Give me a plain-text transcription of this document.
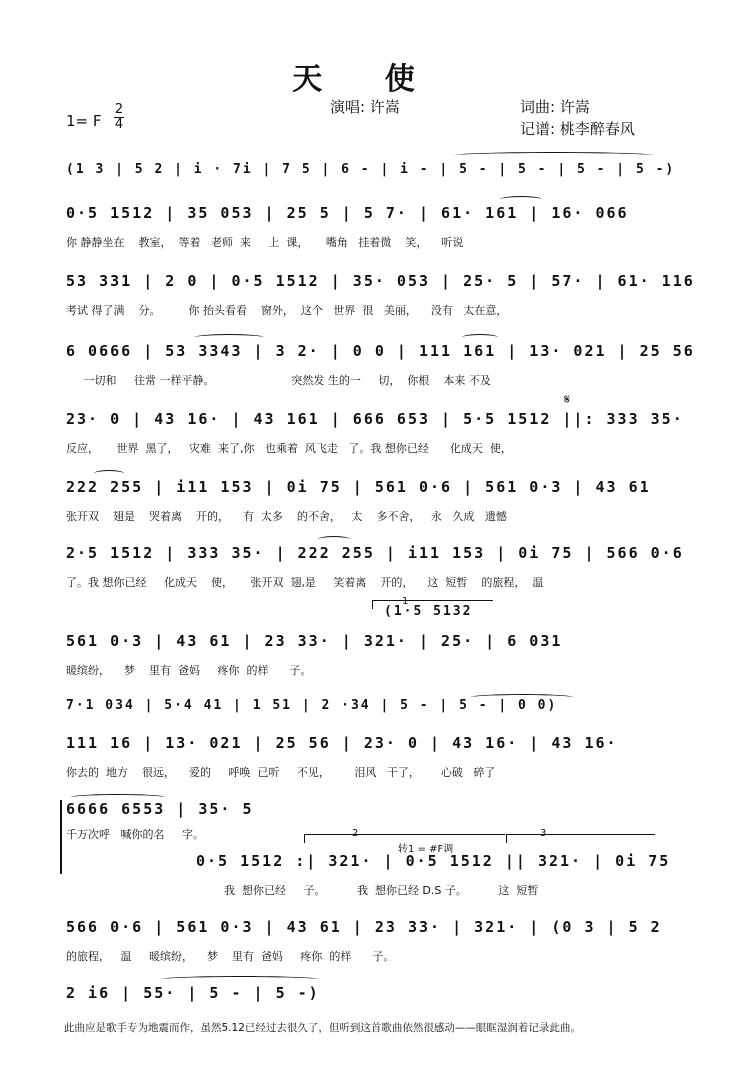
天 使
演唱: 许嵩	词曲: 许嵩
记谱: 桃李醉春风
1= F
2
4
(1 3 | 5 2 | i · 7i | 7 5 | 6 - | i - | 5 - | 5 - | 5 - | 5 -)
0·5 1512 | 35 053 | 25 5 | 5 7· | 61· 161 | 16· 066
你 静静坐在    教室，  等着   老师  来     上  课，     嘴角   挂着微    笑，    听说
53 331 | 2 0 | 0·5 1512 | 35· 053 | 25· 5 | 57· | 61· 116
考试 得了满    分。        你 抬头看看    窗外，  这个   世界  很   美丽，    没有   太在意，
6 0666 | 53 3343 | 3 2· | 0 0 | 111 161 | 13· 021 | 25 56
一切和     往常 一样平静。                      突然发 生的一     切，  你根    本来 不及
23· 0 | 43 16· | 43 161 | 666 653 | 5·5 1512 ||: 333 35·
反应，     世界  黑了，   灾难  来了,你   也乘着  风飞走   了。我 想你已经      化成天  使，
𝄋
222 255 | i11 153 | 0i 75 | 561 0·6 | 561 0·3 | 43 61
张开双    翅是    哭着离    开的，    有  太多    的不舍，   太    多不舍，   永   久成   遗憾
2·5 1512 | 333 35· | 222 255 | i11 153 | 0i 75 | 566 0·6
了。我 想你已经     化成天    使，     张开双  翅,是     笑着离    开的，    这  短暂    的旅程，  温
1
(1·5 5132
561 0·3 | 43 61 | 23 33· | 321· | 25· | 6 031
暖缤纷，    梦    里有  爸妈     疼你  的样      子。
7·1 034 | 5·4 41 | 1 51 | 2 ·34 | 5 - | 5 - | 0 0)
111 16 | 13· 021 | 25 56 | 23· 0 | 43 16· | 43 16·
你去的  地方    很远，    爱的     呼唤  已听     不见，       泪风   干了，      心破   碎了
6666 6553 | 35· 5
千万次呼   喊你的名     字。	2
转1 = #F调
3
0·5 1512 :| 321· | 0·5 1512 || 321· | 0i 75
我  想你已经     子。         我  想你已经 D.S 子。         这  短暂
566 0·6 | 561 0·3 | 43 61 | 23 33· | 321· | (0 3 | 5 2
的旅程，   温     暖缤纷，    梦    里有  爸妈     疼你  的样      子。
2 i6 | 55· | 5 - | 5 -)
此曲应是歌手专为地震而作，虽然5.12已经过去很久了，但听到这首歌曲依然很感动——眼眶湿润着记录此曲。
